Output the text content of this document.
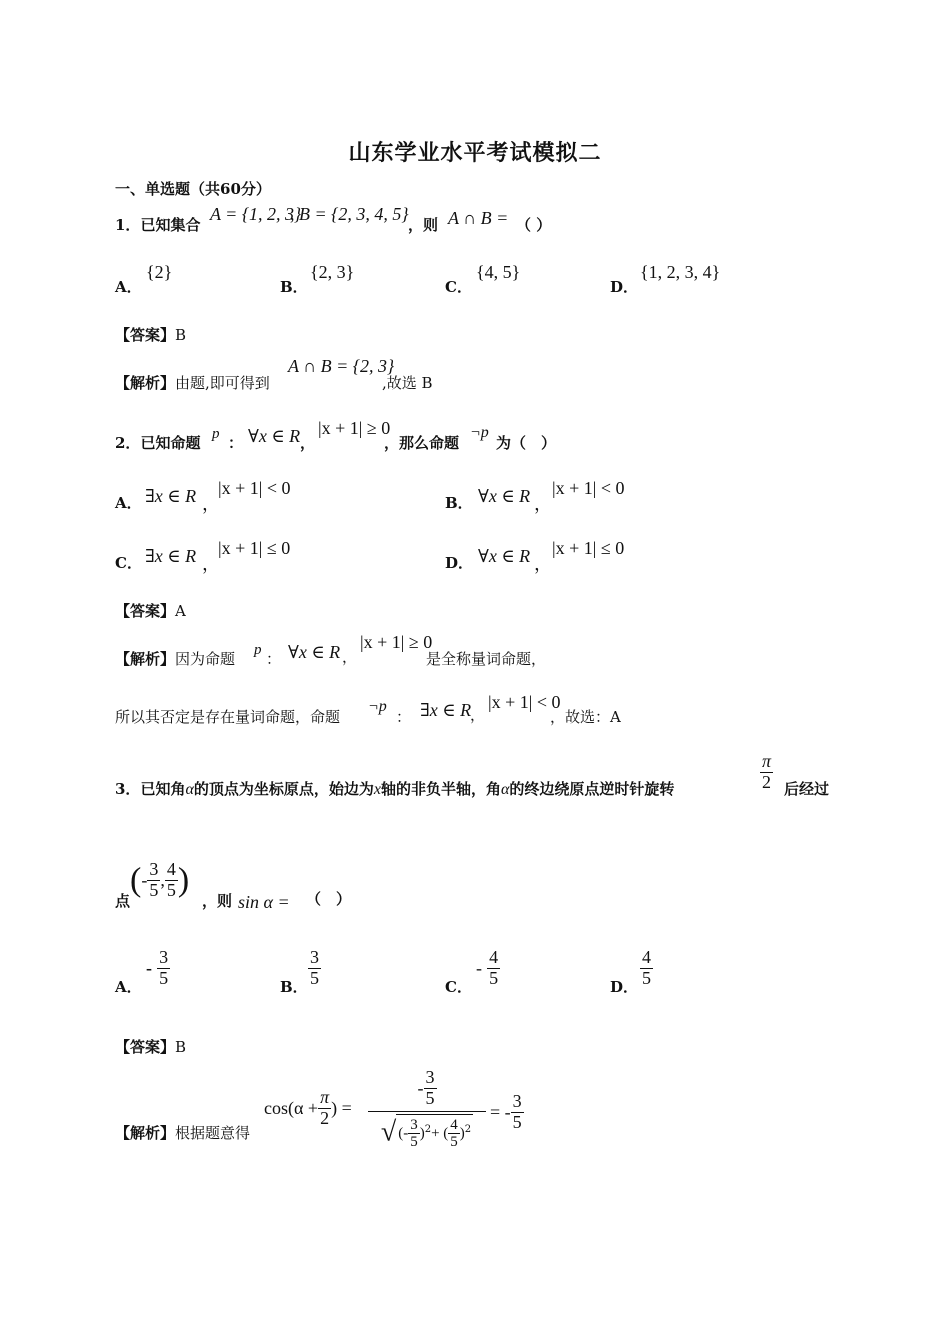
山东学业水平考试模拟二
一、单选题（共60分）
1．已知集合
A = {1, 2, 3}
, B = {2, 3, 4, 5}
，则 A ∩ B = （ ）
A．
{2}
B．
{2, 3}
C．
{4, 5}
D．
{1, 2, 3, 4}
【答案】B
【解析】由题,即可得到
A ∩ B = {2, 3}
,故选 B
2．已知命题 p ： ∀x ∈ R ，
|x + 1| ≥ 0
，那么命题
¬p
为（　）
A． ∃x ∈ R ，
|x + 1| < 0
B． ∀x ∈ R ，
|x + 1| < 0
C． ∃x ∈ R ，
|x + 1| ≤ 0
D． ∀x ∈ R ，
|x + 1| ≤ 0
【答案】A
【解析】因为命题 p ： ∀x ∈ R ，
|x + 1| ≥ 0
是全称量词命题，
所以其否定是存在量词命题，命题
¬p
： ∃x ∈ R
，
|x + 1| < 0
，故选：A
3．已知角α的顶点为坐标原点，始边为x轴的非负半轴，角α的终边绕原点逆时针旋转	$\frac{\pi}{2}$ 后经过
点
(- $\frac{3}{5}$ , $\frac{4}{5}$ )
，则 sin α = （　）
A．
- $\frac{3}{5}$	B． $\frac{3}{5}$	C．
- $\frac{4}{5}$	D． $\frac{4}{5}$
【答案】B
【解析】根据题意得
$\cos(\alpha + \frac{\pi}{2}$ ) = $\frac{- \frac{3}{5}}{√ (- \frac{3}{5} )^2+ ( \frac{4}{5} )^2}$ = - $\frac{3}{5}$
